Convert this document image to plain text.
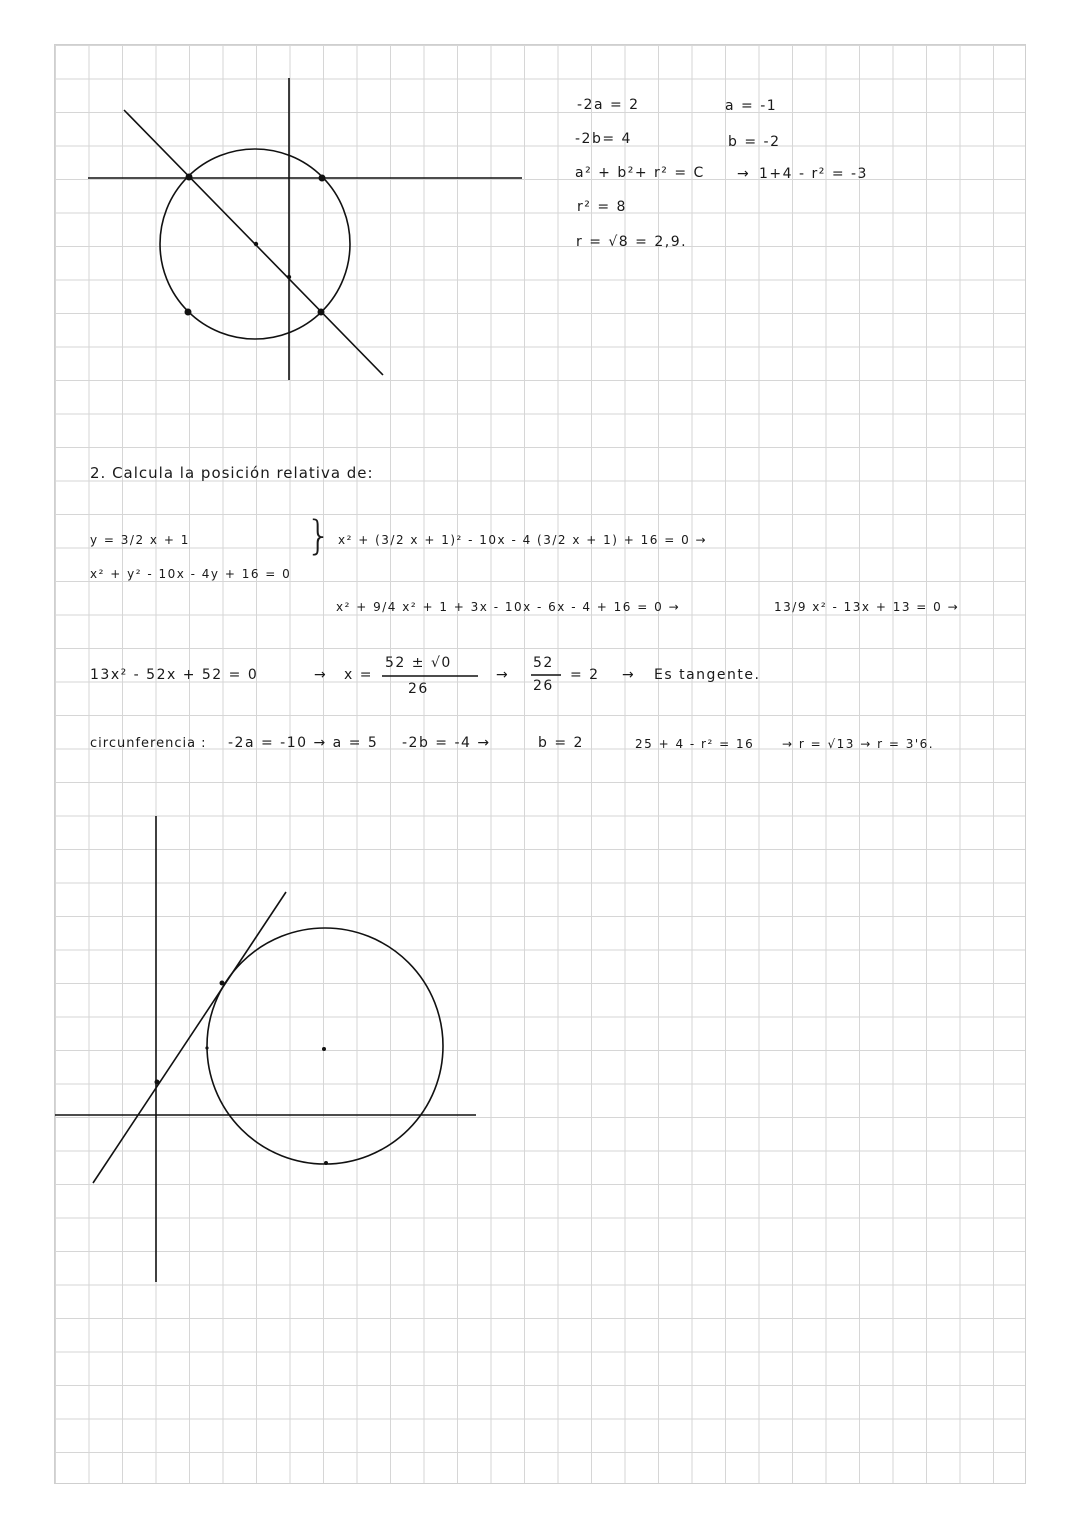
-2a = 2	a = -1
-2b= 4	b = -2
a² + b²+ r² = C → 1+4 - r² = -3
r² = 8
r = √8 = 2,9.
2. Calcula la posición relativa de:
y = 3/2 x + 1
x² + y² - 10x - 4y + 16 = 0
} x² + (3/2 x + 1)² - 10x - 4 (3/2 x + 1) + 16 = 0 →
x² + 9/4 x² + 1 + 3x - 10x - 6x - 4 + 16 = 0 →	13/9 x² - 13x + 13 = 0 →
13x² - 52x + 52 = 0	→ x =
52 ± √0
26
→
52
26
= 2 → Es tangente.
circunferencia : -2a = -10 → a = 5 -2b = -4 →	b = 2	25 + 4 - r² = 16 → r = √13 → r = 3'6.
